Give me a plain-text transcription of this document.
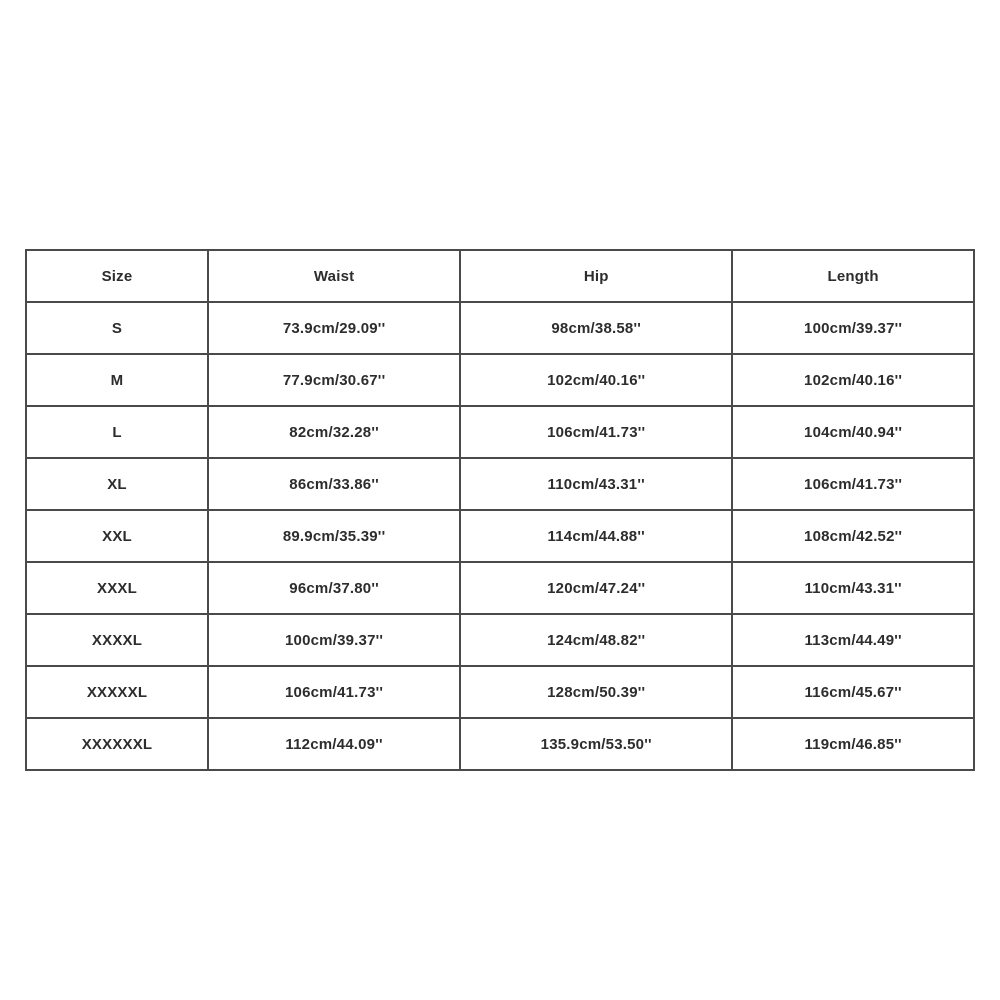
Size	Waist	Hip	Length
S	73.9cm/29.09''	98cm/38.58''	100cm/39.37''
M	77.9cm/30.67''	102cm/40.16''	102cm/40.16''
L	82cm/32.28''	106cm/41.73''	104cm/40.94''
XL	86cm/33.86''	110cm/43.31''	106cm/41.73''
XXL	89.9cm/35.39''	114cm/44.88''	108cm/42.52''
XXXL	96cm/37.80''	120cm/47.24''	110cm/43.31''
XXXXL	100cm/39.37''	124cm/48.82''	113cm/44.49''
XXXXXL	106cm/41.73''	128cm/50.39''	116cm/45.67''
XXXXXXL	112cm/44.09''	135.9cm/53.50''	119cm/46.85''
